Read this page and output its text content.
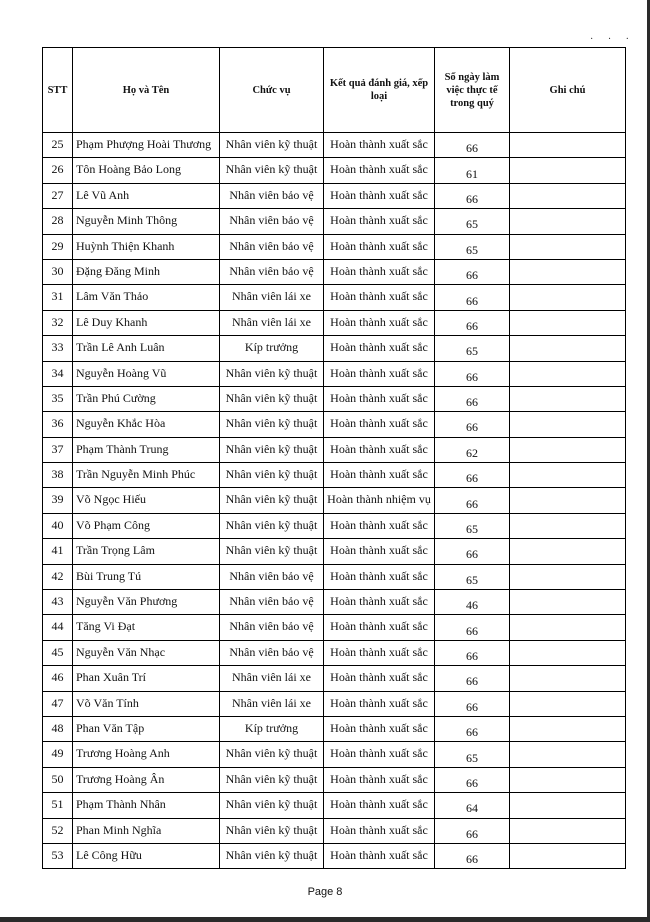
· · ·
STT	Họ và Tên	Chức vụ	Kết quả đánh giá, xếp loại	Số ngày làm việc thực tế trong quý	Ghi chú
25	Phạm Phượng Hoài Thương	Nhân viên kỹ thuật	Hoàn thành xuất sắc	66	
26	Tôn Hoàng Bảo Long	Nhân viên kỹ thuật	Hoàn thành xuất sắc	61	
27	Lê Vũ Anh	Nhân viên bảo vệ	Hoàn thành xuất sắc	66	
28	Nguyễn Minh Thông	Nhân viên bảo vệ	Hoàn thành xuất sắc	65	
29	Huỳnh Thiện Khanh	Nhân viên bảo vệ	Hoàn thành xuất sắc	65	
30	Đặng Đăng Minh	Nhân viên bảo vệ	Hoàn thành xuất sắc	66	
31	Lâm Văn Thảo	Nhân viên lái xe	Hoàn thành xuất sắc	66	
32	Lê Duy Khanh	Nhân viên lái xe	Hoàn thành xuất sắc	66	
33	Trần Lê Anh Luân	Kíp trưởng	Hoàn thành xuất sắc	65	
34	Nguyễn Hoàng Vũ	Nhân viên kỹ thuật	Hoàn thành xuất sắc	66	
35	Trần Phú Cường	Nhân viên kỹ thuật	Hoàn thành xuất sắc	66	
36	Nguyễn Khắc Hòa	Nhân viên kỹ thuật	Hoàn thành xuất sắc	66	
37	Phạm Thành Trung	Nhân viên kỹ thuật	Hoàn thành xuất sắc	62	
38	Trần Nguyễn Minh Phúc	Nhân viên kỹ thuật	Hoàn thành xuất sắc	66	
39	Võ Ngọc Hiếu	Nhân viên kỹ thuật	Hoàn thành nhiệm vụ	66	
40	Võ Phạm Công	Nhân viên kỹ thuật	Hoàn thành xuất sắc	65	
41	Trần Trọng Lâm	Nhân viên kỹ thuật	Hoàn thành xuất sắc	66	
42	Bùi Trung Tú	Nhân viên bảo vệ	Hoàn thành xuất sắc	65	
43	Nguyễn Văn Phương	Nhân viên bảo vệ	Hoàn thành xuất sắc	46	
44	Tăng Vi Đạt	Nhân viên bảo vệ	Hoàn thành xuất sắc	66	
45	Nguyễn Văn Nhạc	Nhân viên bảo vệ	Hoàn thành xuất sắc	66	
46	Phan Xuân Trí	Nhân viên lái xe	Hoàn thành xuất sắc	66	
47	Võ Văn Tính	Nhân viên lái xe	Hoàn thành xuất sắc	66	
48	Phan Văn Tập	Kíp trưởng	Hoàn thành xuất sắc	66	
49	Trương Hoàng Anh	Nhân viên kỹ thuật	Hoàn thành xuất sắc	65	
50	Trương Hoàng Ân	Nhân viên kỹ thuật	Hoàn thành xuất sắc	66	
51	Phạm Thành Nhân	Nhân viên kỹ thuật	Hoàn thành xuất sắc	64	
52	Phan Minh Nghĩa	Nhân viên kỹ thuật	Hoàn thành xuất sắc	66	
53	Lê Công Hữu	Nhân viên kỹ thuật	Hoàn thành xuất sắc	66	
Page 8
